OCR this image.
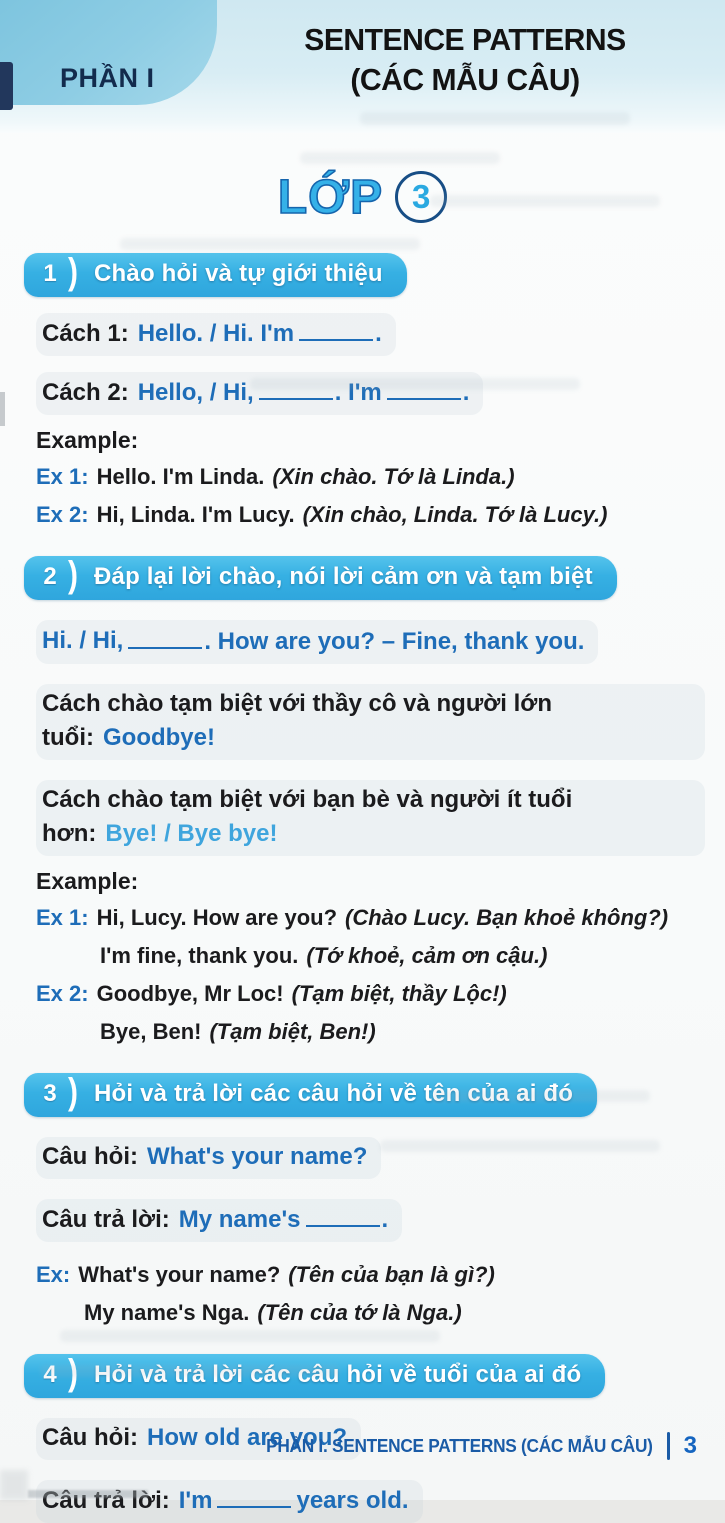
PHẦN I
SENTENCE PATTERNS
(CÁC MẪU CÂU)
LỚP 3
1 ) Chào hỏi và tự giới thiệu
Cách 1: Hello. / Hi. I'm	.
Cách 2: Hello, / Hi,	. I'm	.
Example:
Ex 1: Hello. I'm Linda. (Xin chào. Tớ là Linda.)
Ex 2: Hi, Linda. I'm Lucy. (Xin chào, Linda. Tớ là Lucy.)
2 ) Đáp lại lời chào, nói lời cảm ơn và tạm biệt
Hi. / Hi,	. How are you? – Fine, thank you.
Cách chào tạm biệt với thầy cô và người lớn tuổi: Goodbye!
Cách chào tạm biệt với bạn bè và người ít tuổi hơn: Bye! / Bye bye!
Example:
Ex 1: Hi, Lucy. How are you? (Chào Lucy. Bạn khoẻ không?)
I'm fine, thank you. (Tớ khoẻ, cảm ơn cậu.)
Ex 2: Goodbye, Mr Loc! (Tạm biệt, thầy Lộc!)
Bye, Ben! (Tạm biệt, Ben!)
3 ) Hỏi và trả lời các câu hỏi về tên của ai đó
Câu hỏi: What's your name?
Câu trả lời: My name's	.
Ex: What's your name? (Tên của bạn là gì?)
My name's Nga. (Tên của tớ là Nga.)
4 ) Hỏi và trả lời các câu hỏi về tuổi của ai đó
Câu hỏi: How old are you?
Câu trả lời: I'm	years old.
PHẦN I. SENTENCE PATTERNS (CÁC MẪU CÂU) 3
